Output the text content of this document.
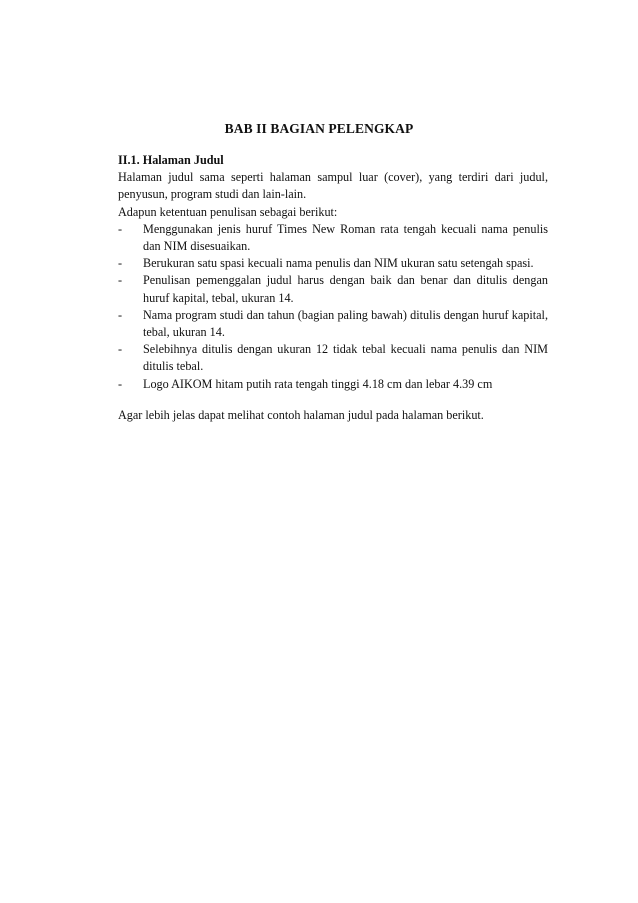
BAB II BAGIAN PELENGKAP

II.1. Halaman Judul

Halaman judul sama seperti halaman sampul luar (cover), yang terdiri dari judul, penyusun, program studi dan lain-lain.

Adapun ketentuan penulisan sebagai berikut:

- Menggunakan jenis huruf Times New Roman rata tengah kecuali nama penulis dan NIM disesuaikan.
- Berukuran satu spasi kecuali nama penulis dan NIM ukuran satu setengah spasi.
- Penulisan pemenggalan judul harus dengan baik dan benar dan ditulis dengan huruf kapital, tebal, ukuran 14.
- Nama program studi dan tahun (bagian paling bawah) ditulis dengan huruf kapital, tebal, ukuran 14.
- Selebihnya ditulis dengan ukuran 12 tidak tebal kecuali nama penulis dan NIM ditulis tebal.
- Logo AIKOM hitam putih rata tengah tinggi 4.18 cm dan lebar 4.39 cm

Agar lebih jelas dapat melihat contoh halaman judul pada halaman berikut.
